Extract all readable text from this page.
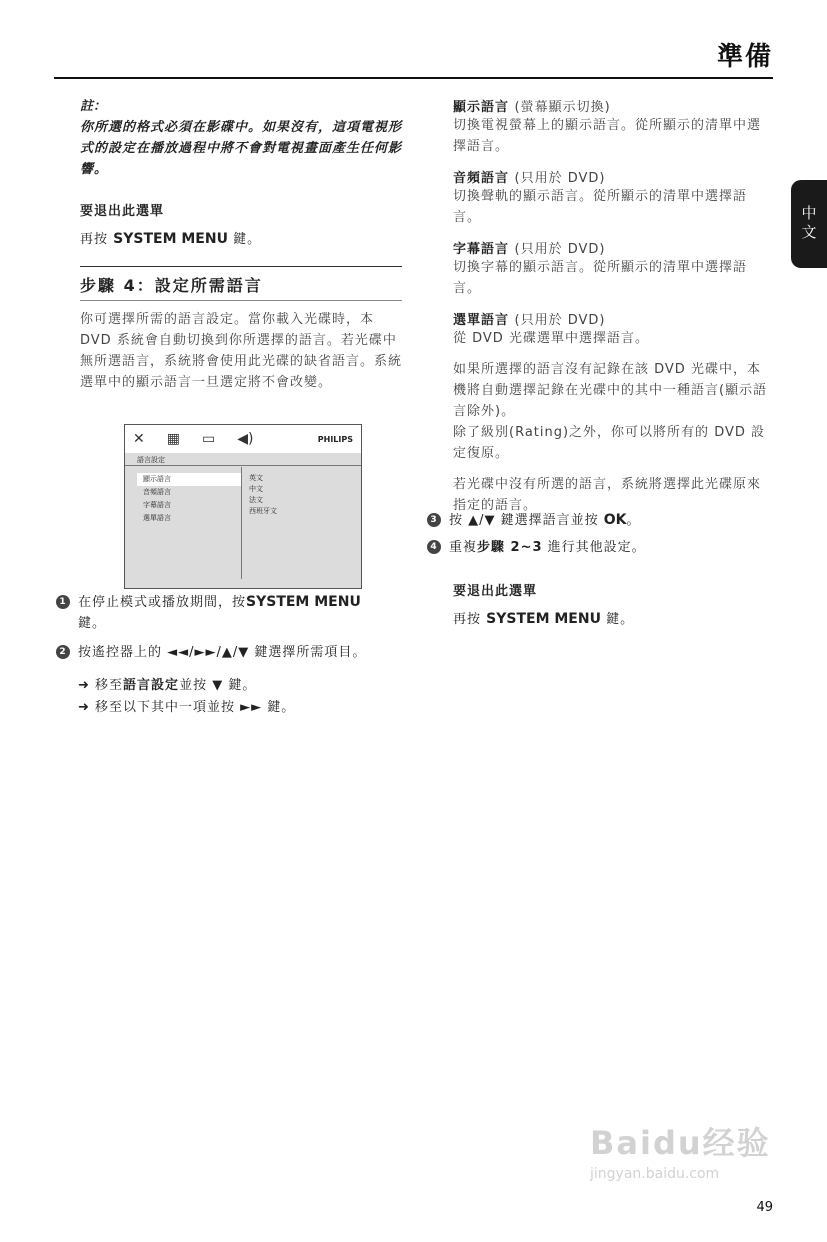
準備
中文
註：
你所選的格式必須在影碟中。如果沒有，這項電視形式的設定在播放過程中將不會對電視畫面產生任何影響。
要退出此選單

再按 SYSTEM MENU 鍵。

步驟 4：設定所需語言

你可選擇所需的語言設定。當你載入光碟時，本 DVD 系統會自動切換到你所選擇的語言。若光碟中無所選語言，系統將會使用此光碟的缺省語言。系統選單中的顯示語言一旦選定將不會改變。

✕ ▦ ▭ ◀)	PHILIPS
語言設定
顯示語言
音頻語言
字幕語言
選單語言
英文
中文
法文
西班牙文
1 在停止模式或播放期間，按SYSTEM MENU
鍵。
2 按遙控器上的 ◄◄/►►/▲/▼ 鍵選擇所需項目。
➜ 移至語言設定並按 ▼ 鍵。
➜ 移至以下其中一項並按 ►► 鍵。
顯示語言 (螢幕顯示切換)
切換電視螢幕上的顯示語言。從所顯示的清單中選擇語言。
音頻語言 (只用於 DVD)
切換聲軌的顯示語言。從所顯示的清單中選擇語言。
字幕語言 (只用於 DVD)
切換字幕的顯示語言。從所顯示的清單中選擇語言。
選單語言 (只用於 DVD)
從 DVD 光碟選單中選擇語言。
如果所選擇的語言沒有記錄在該 DVD 光碟中，本機將自動選擇記錄在光碟中的其中一種語言(顯示語言除外)。
除了級別(Rating)之外，你可以將所有的 DVD 設定復原。
若光碟中沒有所選的語言，系統將選擇此光碟原來指定的語言。
3 按 ▲/▼ 鍵選擇語言並按 OK。
4 重複步驟 2~3 進行其他設定。
要退出此選單

再按 SYSTEM MENU 鍵。

Baidu经验
jingyan.baidu.com
49
